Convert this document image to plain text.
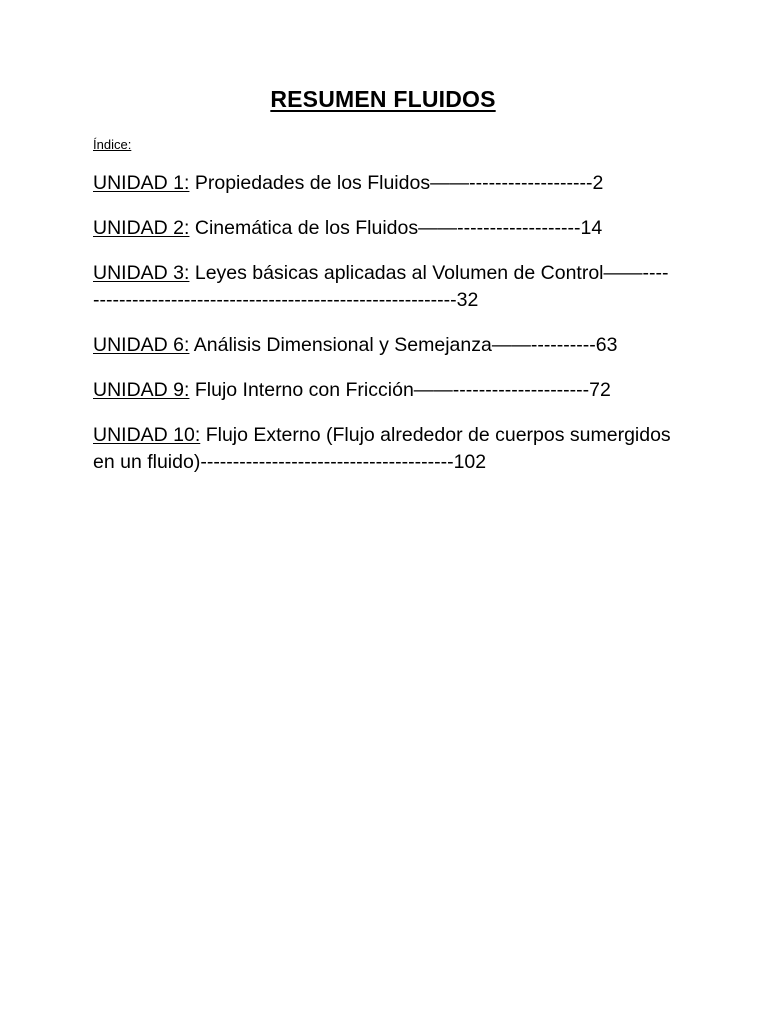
RESUMEN FLUIDOS
Índice:
UNIDAD 1: Propiedades de los Fluidos——-------------------2
UNIDAD 2: Cinemática de los Fluidos——-------------------14
UNIDAD 3: Leyes básicas aplicadas al Volumen de Control——------------------------------------------------------------32
UNIDAD 6: Análisis Dimensional y Semejanza——----------63
UNIDAD 9: Flujo Interno con Fricción——---------------------72
UNIDAD 10: Flujo Externo (Flujo alrededor de cuerpos sumergidos en un fluido)---------------------------------------102
